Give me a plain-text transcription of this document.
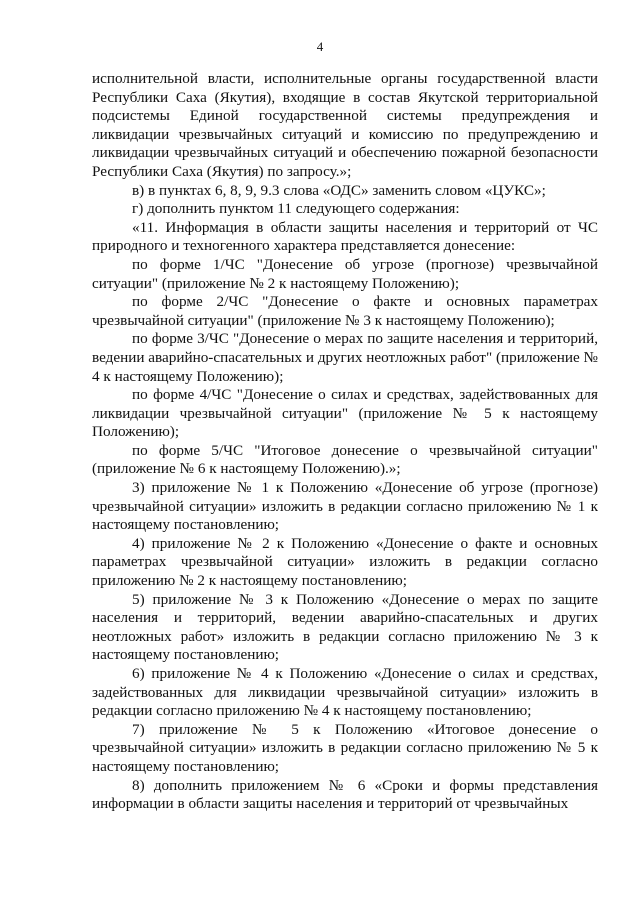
4

исполнительной власти, исполнительные органы государственной власти Республики Саха (Якутия), входящие в состав Якутской территориальной подсистемы Единой государственной системы предупреждения и ликвидации чрезвычайных ситуаций и комиссию по предупреждению и ликвидации чрезвычайных ситуаций и обеспечению пожарной безопасности Республики Саха (Якутия) по запросу.»;

в) в пунктах 6, 8, 9, 9.3 слова «ОДС» заменить словом «ЦУКС»;

г) дополнить пунктом 11 следующего содержания:

«11. Информация в области защиты населения и территорий от ЧС природного и техногенного характера представляется донесение:

по форме 1/ЧС "Донесение об угрозе (прогнозе) чрезвычайной ситуации" (приложение № 2 к настоящему Положению);

по форме 2/ЧС "Донесение о факте и основных параметрах чрезвычайной ситуации" (приложение № 3 к настоящему Положению);

по форме 3/ЧС "Донесение о мерах по защите населения и территорий, ведении аварийно-спасательных и других неотложных работ" (приложение № 4 к настоящему Положению);

по форме 4/ЧС "Донесение о силах и средствах, задействованных для ликвидации чрезвычайной ситуации" (приложение № 5 к настоящему Положению);

по форме 5/ЧС "Итоговое донесение о чрезвычайной ситуации" (приложение № 6 к настоящему Положению).»;

3) приложение № 1 к Положению «Донесение об угрозе (прогнозе) чрезвычайной ситуации» изложить в редакции согласно приложению № 1 к настоящему постановлению;

4) приложение № 2 к Положению «Донесение о факте и основных параметрах чрезвычайной ситуации» изложить в редакции согласно приложению № 2 к настоящему постановлению;

5) приложение № 3 к Положению «Донесение о мерах по защите населения и территорий, ведении аварийно-спасательных и других неотложных работ» изложить в редакции согласно приложению № 3 к настоящему постановлению;

6) приложение № 4 к Положению «Донесение о силах и средствах, задействованных для ликвидации чрезвычайной ситуации» изложить в редакции согласно приложению № 4 к настоящему постановлению;

7) приложение № 5 к Положению «Итоговое донесение о чрезвычайной ситуации» изложить в редакции согласно приложению № 5 к настоящему постановлению;

8) дополнить приложением № 6 «Сроки и формы представления информации в области защиты населения и территорий от чрезвычайных
